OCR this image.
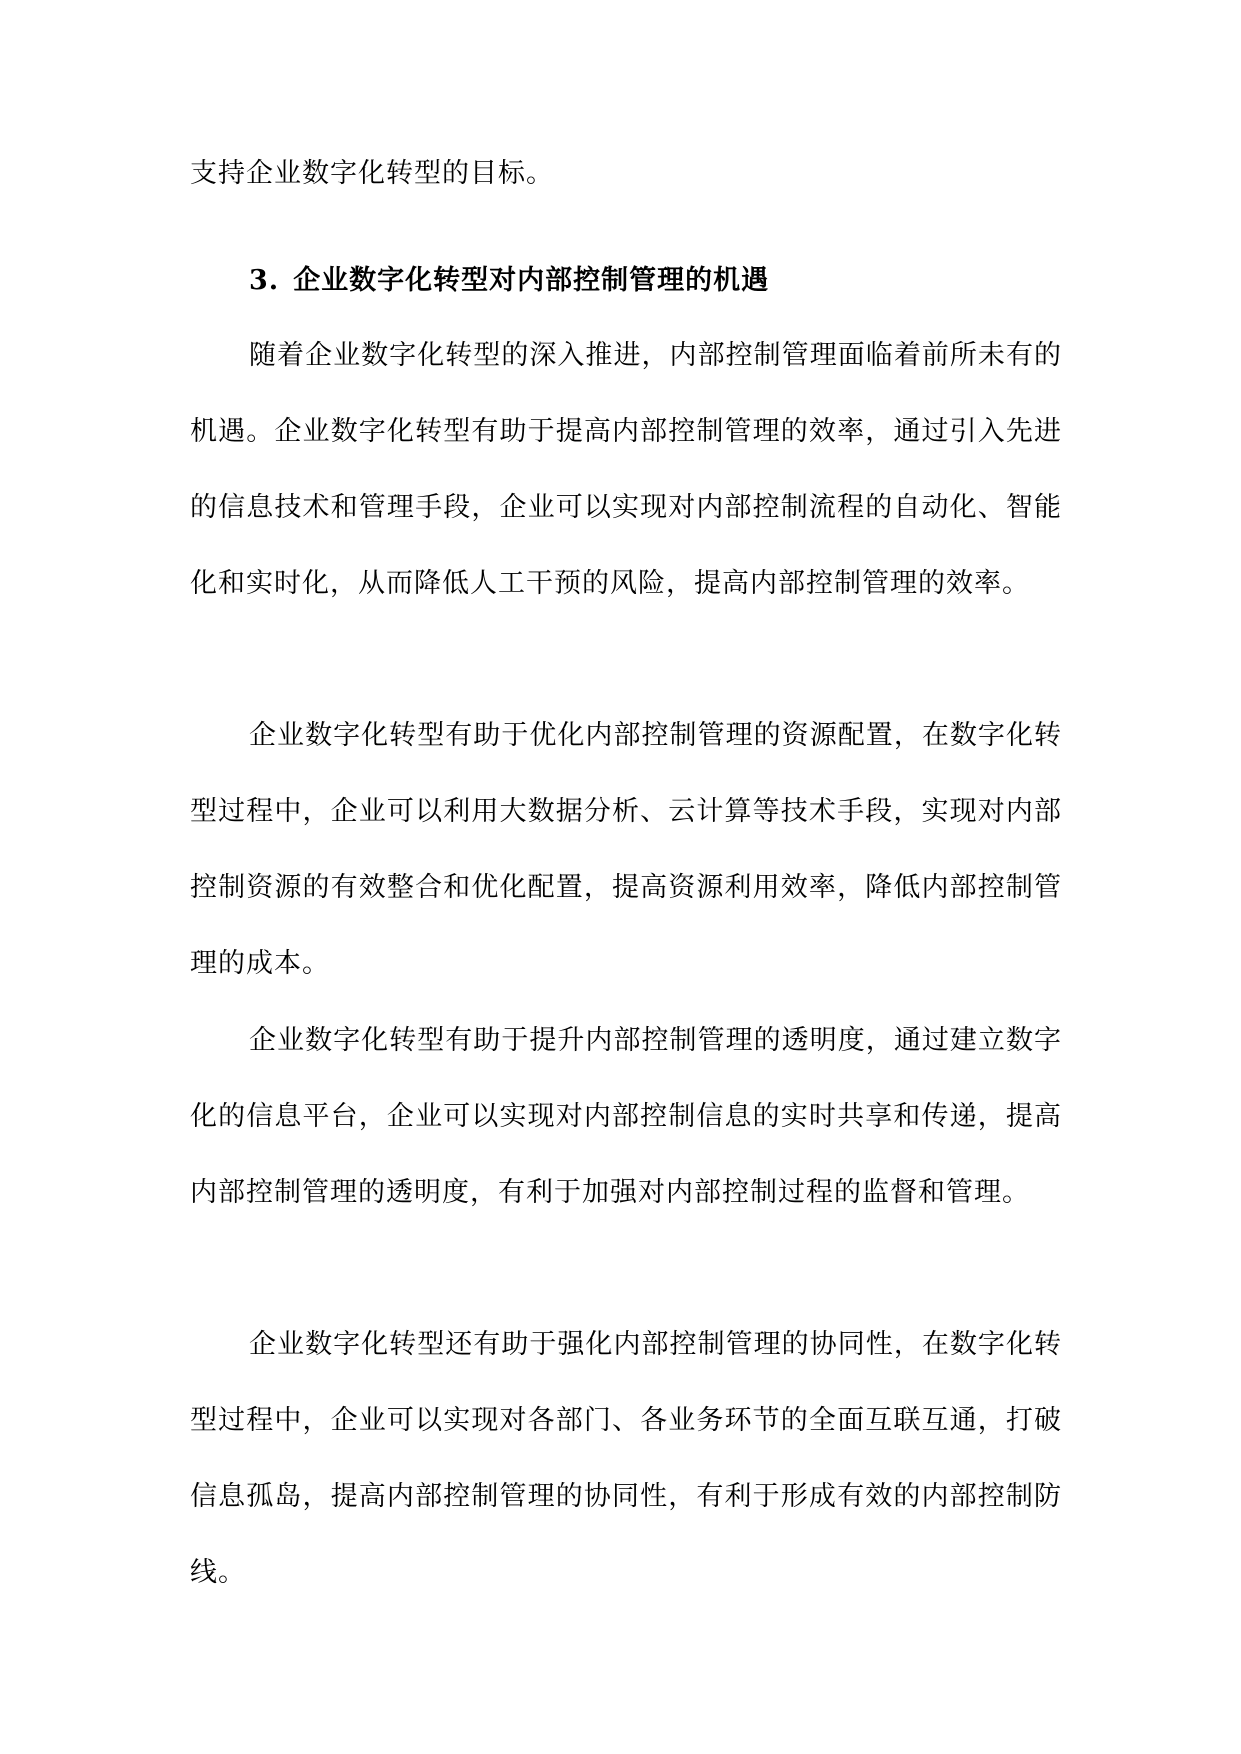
支持企业数字化转型的目标。

3. 企业数字化转型对内部控制管理的机遇

随着企业数字化转型的深入推进，内部控制管理面临着前所未有的机遇。企业数字化转型有助于提高内部控制管理的效率，通过引入先进的信息技术和管理手段，企业可以实现对内部控制流程的自动化、智能化和实时化，从而降低人工干预的风险，提高内部控制管理的效率。

企业数字化转型有助于优化内部控制管理的资源配置，在数字化转型过程中，企业可以利用大数据分析、云计算等技术手段，实现对内部控制资源的有效整合和优化配置，提高资源利用效率，降低内部控制管理的成本。

企业数字化转型有助于提升内部控制管理的透明度，通过建立数字化的信息平台，企业可以实现对内部控制信息的实时共享和传递，提高内部控制管理的透明度，有利于加强对内部控制过程的监督和管理。

企业数字化转型还有助于强化内部控制管理的协同性，在数字化转型过程中，企业可以实现对各部门、各业务环节的全面互联互通，打破信息孤岛，提高内部控制管理的协同性，有利于形成有效的内部控制防线。
